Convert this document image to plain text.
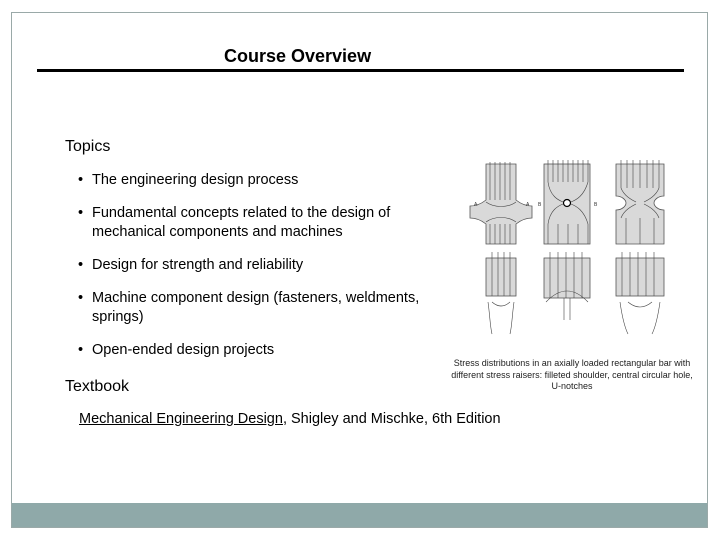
Course Overview
Topics
• The engineering design process
• Fundamental concepts related to the design of mechanical components and machines
• Design for strength and reliability
• Machine component design (fasteners, weldments, springs)
• Open-ended design projects
Textbook
Mechanical Engineering Design, Shigley and Mischke, 6th Edition
A	A B	B
Stress distributions in an axially loaded rectangular bar with different stress raisers: filleted shoulder, central circular hole, U-notches
